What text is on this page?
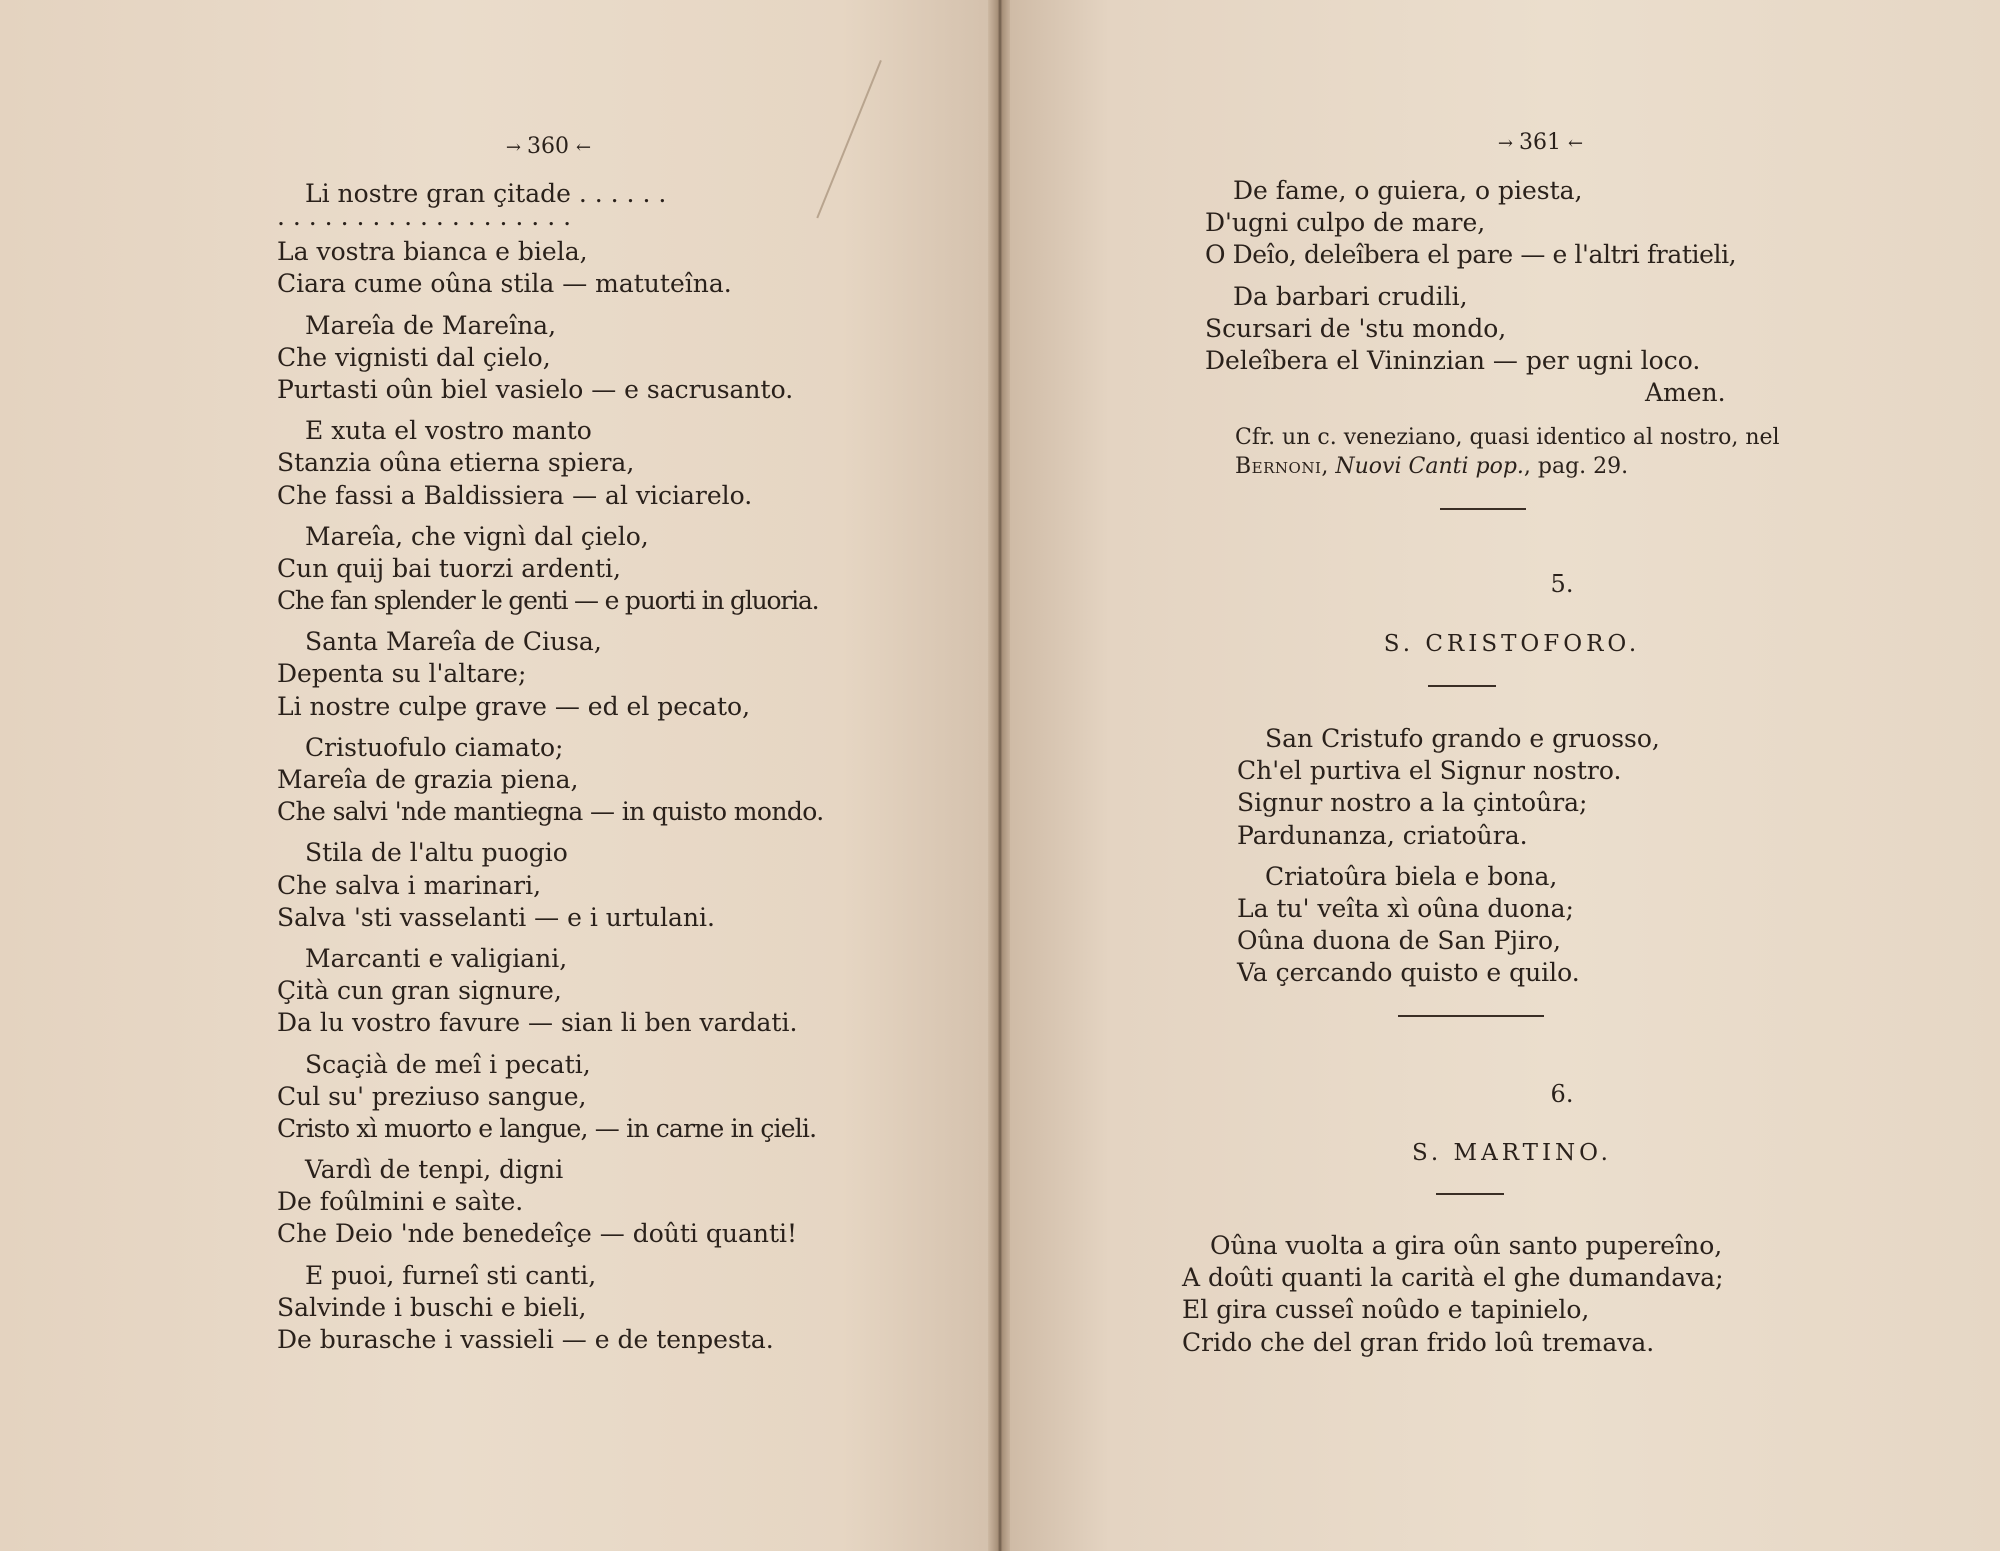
→ 360 ←
Li nostre gran çitade . . . . . .
. . . . . . . . . . . . . . . . . . .
La vostra bianca e biela,
Ciara cume oûna stila — matuteîna.
Mareîa de Mareîna,
Che vignisti dal çielo,
Purtasti oûn biel vasielo — e sacrusanto.
E xuta el vostro manto
Stanzia oûna etierna spiera,
Che fassi a Baldissiera — al viciarelo.
Mareîa, che vignì dal çielo,
Cun quij bai tuorzi ardenti,
Che fan splender le genti — e puorti in gluoria.
Santa Mareîa de Ciusa,
Depenta su l'altare;
Li nostre culpe grave — ed el pecato,
Cristuofulo ciamato;
Mareîa de grazia piena,
Che salvi 'nde mantiegna — in quisto mondo.
Stila de l'altu puogio
Che salva i marinari,
Salva 'sti vasselanti — e i urtulani.
Marcanti e valigiani,
Çità cun gran signure,
Da lu vostro favure — sian li ben vardati.
Scaçià de meî i pecati,
Cul su' preziuso sangue,
Cristo xì muorto e langue, — in carne in çieli.
Vardì de tenpi, digni
De foûlmini e saìte.
Che Deio 'nde benedeîçe — doûti quanti!
E puoi, furneî sti canti,
Salvinde i buschi e bieli,
De burasche i vassieli — e de tenpesta.
→ 361 ←
De fame, o guiera, o piesta,
D'ugni culpo de mare,
O Deîo, deleîbera el pare — e l'altri fratieli,
Da barbari crudili,
Scursari de 'stu mondo,
Deleîbera el Vininzian — per ugni loco.
Amen.
Cfr. un c. veneziano, quasi identico al nostro, nel
Bernoni, Nuovi Canti pop., pag. 29.
5.
S. CRISTOFORO.
San Cristufo grando e gruosso,
Ch'el purtiva el Signur nostro.
Signur nostro a la çintoûra;
Pardunanza, criatoûra.
Criatoûra biela e bona,
La tu' veîta xì oûna duona;
Oûna duona de San Pjiro,
Va çercando quisto e quilo.
6.
S. MARTINO.
Oûna vuolta a gira oûn santo pupereîno,
A doûti quanti la carità el ghe dumandava;
El gira cusseî noûdo e tapinielo,
Crido che del gran frido loû tremava.
